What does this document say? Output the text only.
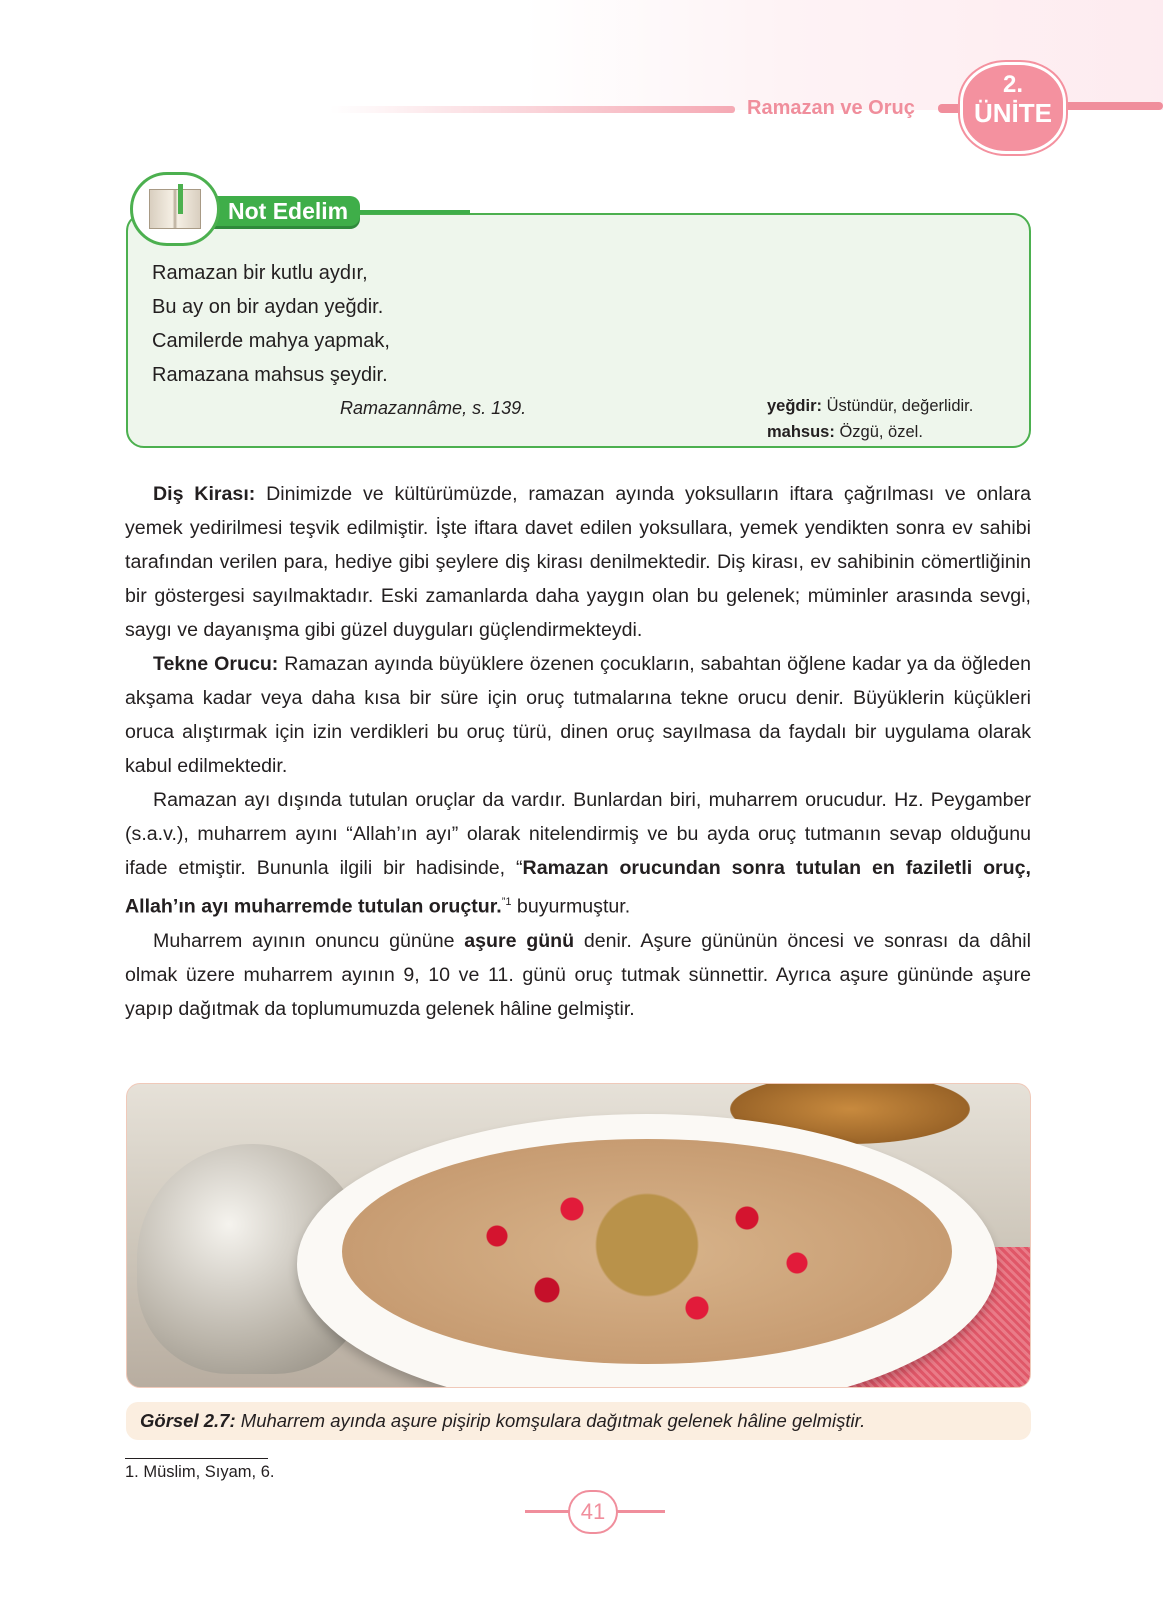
Ramazan ve Oruç
2.
ÜNİTE
Not Edelim
Ramazan bir kutlu aydır,
Bu ay on bir aydan yeğdir.
Camilerde mahya yapmak,
Ramazana mahsus şeydir.
Ramazannâme, s. 139.	yeğdir: Üstündür, değerlidir.
mahsus: Özgü, özel.

Diş Kirası: Dinimizde ve kültürümüzde, ramazan ayında yoksulların iftara çağrılması ve onlara yemek yedirilmesi teşvik edilmiştir. İşte iftara davet edilen yoksullara, yemek yendikten sonra ev sahibi tarafından verilen para, hediye gibi şeylere diş kirası denilmektedir. Diş kirası, ev sahibinin cömertliğinin bir göstergesi sayılmaktadır. Eski zamanlarda daha yaygın olan bu gelenek; müminler arasında sevgi, saygı ve dayanışma gibi güzel duyguları güçlendirmekteydi.

Tekne Orucu: Ramazan ayında büyüklere özenen çocukların, sabahtan öğlene kadar ya da öğleden akşama kadar veya daha kısa bir süre için oruç tutmalarına tekne orucu denir. Büyüklerin küçükleri oruca alıştırmak için izin verdikleri bu oruç türü, dinen oruç sayılmasa da faydalı bir uygulama olarak kabul edilmektedir.

Ramazan ayı dışında tutulan oruçlar da vardır. Bunlardan biri, muharrem orucudur. Hz. Peygamber (s.a.v.), muharrem ayını “Allah’ın ayı” olarak nitelendirmiş ve bu ayda oruç tutmanın sevap olduğunu ifade etmiştir. Bununla ilgili bir hadisinde, “Ramazan orucundan sonra tutulan en faziletli oruç, Allah’ın ayı muharremde tutulan oruçtur.$^{”1}$ buyurmuştur.

Muharrem ayının onuncu gününe aşure günü denir. Aşure gününün öncesi ve sonrası da dâhil olmak üzere muharrem ayının 9, 10 ve 11. günü oruç tutmak sünnettir. Ayrıca aşure gününde aşure yapıp dağıtmak da toplumumuzda gelenek hâline gelmiştir.

Görsel 2.7: Muharrem ayında aşure pişirip komşulara dağıtmak gelenek hâline gelmiştir.
1. Müslim, Sıyam, 6.
41
